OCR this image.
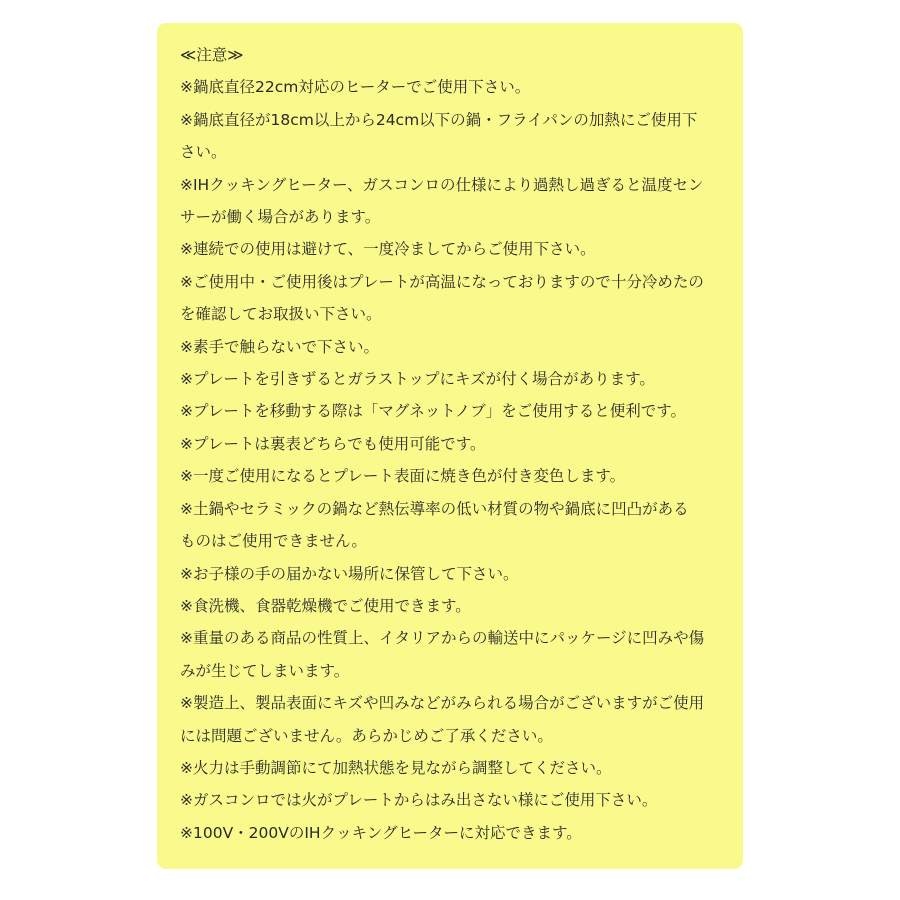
≪注意≫

※鍋底直径22cm対応のヒーターでご使用下さい。

※鍋底直径が18cm以上から24cm以下の鍋・フライパンの加熱にご使用下

さい。

※IHクッキングヒーター、ガスコンロの仕様により過熱し過ぎると温度セン

サーが働く場合があります。

※連続での使用は避けて、一度冷ましてからご使用下さい。

※ご使用中・ご使用後はプレートが高温になっておりますので十分冷めたの

を確認してお取扱い下さい。

※素手で触らないで下さい。

※プレートを引きずるとガラストップにキズが付く場合があります。

※プレートを移動する際は「マグネットノブ」をご使用すると便利です。

※プレートは裏表どちらでも使用可能です。

※一度ご使用になるとプレート表面に焼き色が付き変色します。

※土鍋やセラミックの鍋など熱伝導率の低い材質の物や鍋底に凹凸がある

ものはご使用できません。

※お子様の手の届かない場所に保管して下さい。

※食洗機、食器乾燥機でご使用できます。

※重量のある商品の性質上、イタリアからの輸送中にパッケージに凹みや傷

みが生じてしまいます。

※製造上、製品表面にキズや凹みなどがみられる場合がございますがご使用

には問題ございません。あらかじめご了承ください。

※火力は手動調節にて加熱状態を見ながら調整してください。

※ガスコンロでは火がプレートからはみ出さない様にご使用下さい。

※100V・200VのIHクッキングヒーターに対応できます。
